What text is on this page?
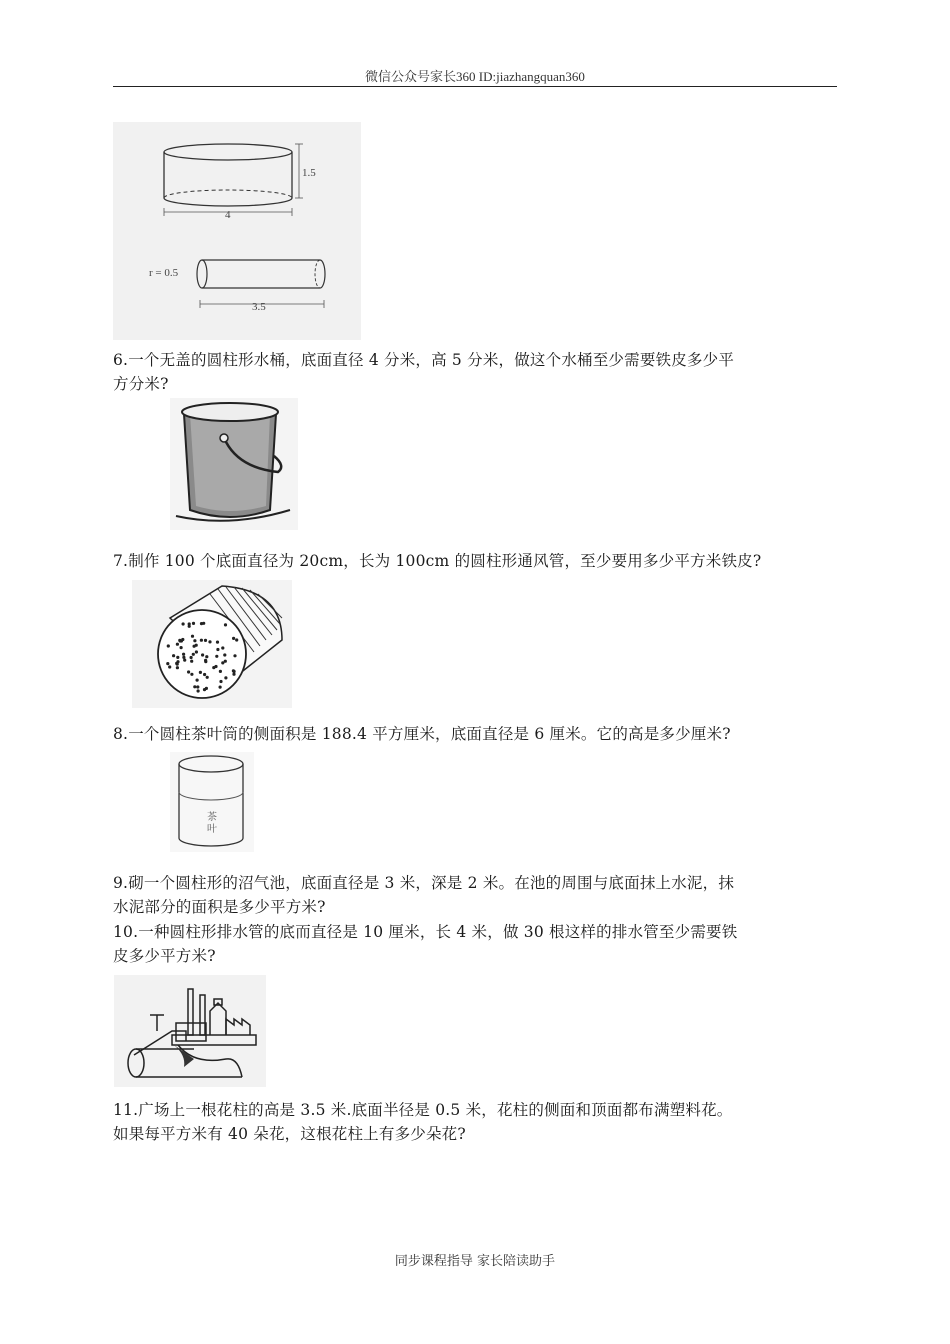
微信公众号家长360 ID:jiazhangquan360
1.5
4
r = 0.5
3.5
6.一个无盖的圆柱形水桶，底面直径 4 分米，高 5 分米，做这个水桶至少需要铁皮多少平
方分米?
7.制作 100 个底面直径为 20cm，长为 100cm 的圆柱形通风管，至少要用多少平方米铁皮?
8.一个圆柱茶叶筒的侧面积是 188.4 平方厘米，底面直径是 6 厘米。它的高是多少厘米?
茶
叶
9.砌一个圆柱形的沼气池，底面直径是 3 米，深是 2 米。在池的周围与底面抹上水泥，抹
水泥部分的面积是多少平方米?
10.一种圆柱形排水管的底而直径是 10 厘米，长 4 米，做 30 根这样的排水管至少需要铁
皮多少平方米?
11.广场上一根花柱的高是 3.5 米.底面半径是 0.5 米，花柱的侧面和顶面都布满塑料花。
如果每平方米有 40 朵花，这根花柱上有多少朵花?
同步课程指导 家长陪读助手
